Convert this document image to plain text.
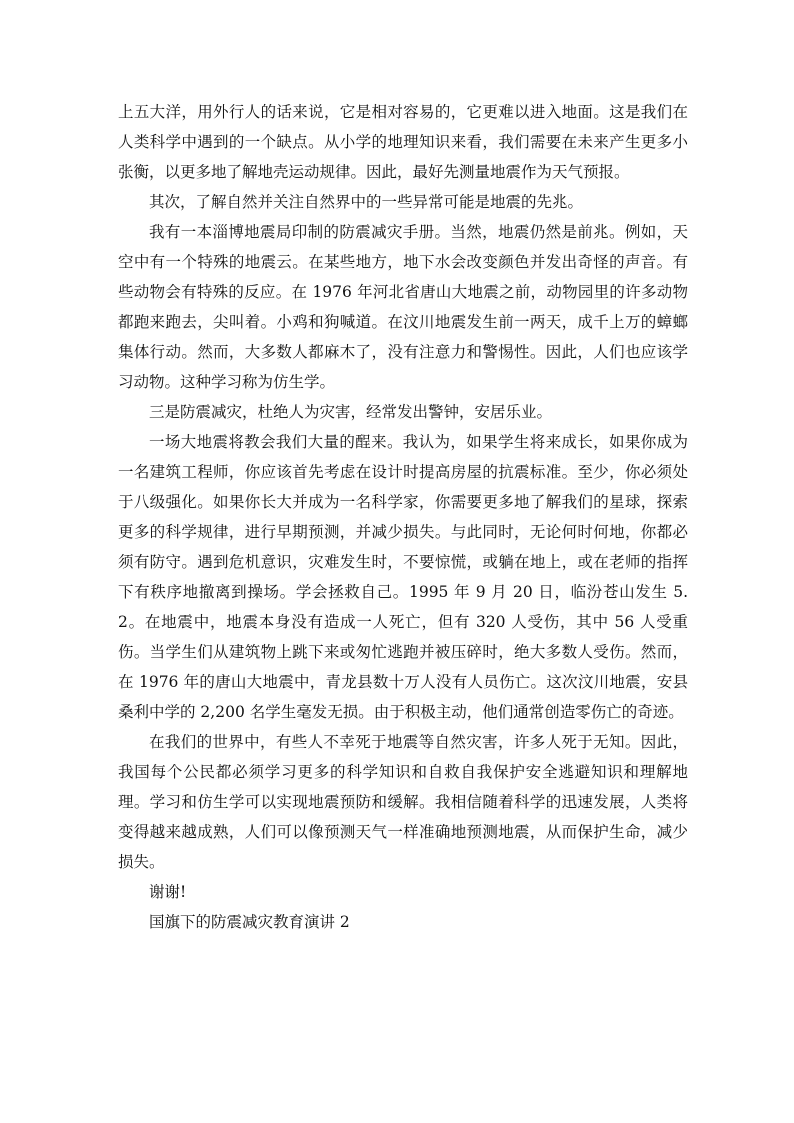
上五大洋，用外行人的话来说，它是相对容易的，它更难以进入地面。这是我们在人类科学中遇到的一个缺点。从小学的地理知识来看，我们需要在未来产生更多小张衡，以更多地了解地壳运动规律。因此，最好先测量地震作为天气预报。

其次，了解自然并关注自然界中的一些异常可能是地震的先兆。

我有一本淄博地震局印制的防震减灾手册。当然，地震仍然是前兆。例如，天空中有一个特殊的地震云。在某些地方，地下水会改变颜色并发出奇怪的声音。有些动物会有特殊的反应。在 1976 年河北省唐山大地震之前，动物园里的许多动物都跑来跑去，尖叫着。小鸡和狗喊道。在汶川地震发生前一两天，成千上万的蟑螂集体行动。然而，大多数人都麻木了，没有注意力和警惕性。因此，人们也应该学习动物。这种学习称为仿生学。

三是防震减灾，杜绝人为灾害，经常发出警钟，安居乐业。

一场大地震将教会我们大量的酲来。我认为，如果学生将来成长，如果你成为一名建筑工程师，你应该首先考虑在设计时提高房屋的抗震标准。至少，你必须处于八级强化。如果你长大并成为一名科学家，你需要更多地了解我们的星球，探索更多的科学规律，进行早期预测，并减少损失。与此同时，无论何时何地，你都必须有防守。遇到危机意识，灾难发生时，不要惊慌，或躺在地上，或在老师的指挥下有秩序地撤离到操场。学会拯救自己。1995 年 9 月 20 日，临汾苍山发生 5.2。在地震中，地震本身没有造成一人死亡，但有 320 人受伤，其中 56 人受重伤。当学生们从建筑物上跳下来或匆忙逃跑并被压碎时，绝大多数人受伤。然而，在 1976 年的唐山大地震中，青龙县数十万人没有人员伤亡。这次汶川地震，安县桑利中学的 2,200 名学生毫发无损。由于积极主动，他们通常创造零伤亡的奇迹。

在我们的世界中，有些人不幸死于地震等自然灾害，许多人死于无知。因此，我国每个公民都必须学习更多的科学知识和自救自我保护安全逃避知识和理解地理。学习和仿生学可以实现地震预防和缓解。我相信随着科学的迅速发展，人类将变得越来越成熟，人们可以像预测天气一样准确地预测地震，从而保护生命，减少损失。

谢谢!

国旗下的防震减灾教育演讲 2
